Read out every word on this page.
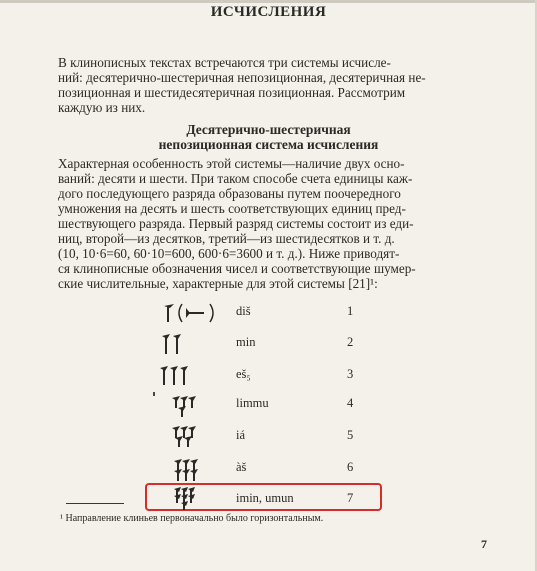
ИСЧИСЛЕНИЯ
В клинописных текстах встречаются три системы исчисле-
ний: десятерично-шестеричная непозиционная, десятеричная не-
позиционная и шестидесятеричная позиционная. Рассмотрим
каждую из них.
Десятерично-шестеричная
непозиционная система исчисления
Характерная особенность этой системы—наличие двух осно-
ваний: десяти и шести. При таком способе счета единицы каж-
дого последующего разряда образованы путем поочередного
умножения на десять и шесть соответствующих единиц пред-
шествующего разряда. Первый разряд системы состоит из еди-
ниц, второй—из десятков, третий—из шестидесятков и т. д.
(10, 10·6=60, 60·10=600, 600·6=3600 и т. д.). Ниже приводят-
ся клинописные обозначения чисел и соответствующие шумер-
ские числительные, характерные для этой системы [21]¹:
diš	1
min	2
eš₅	3
limmu	4
iá	5
àš	6
imin, umun	7
¹ Направление клиньев первоначально было горизонтальным.
7
